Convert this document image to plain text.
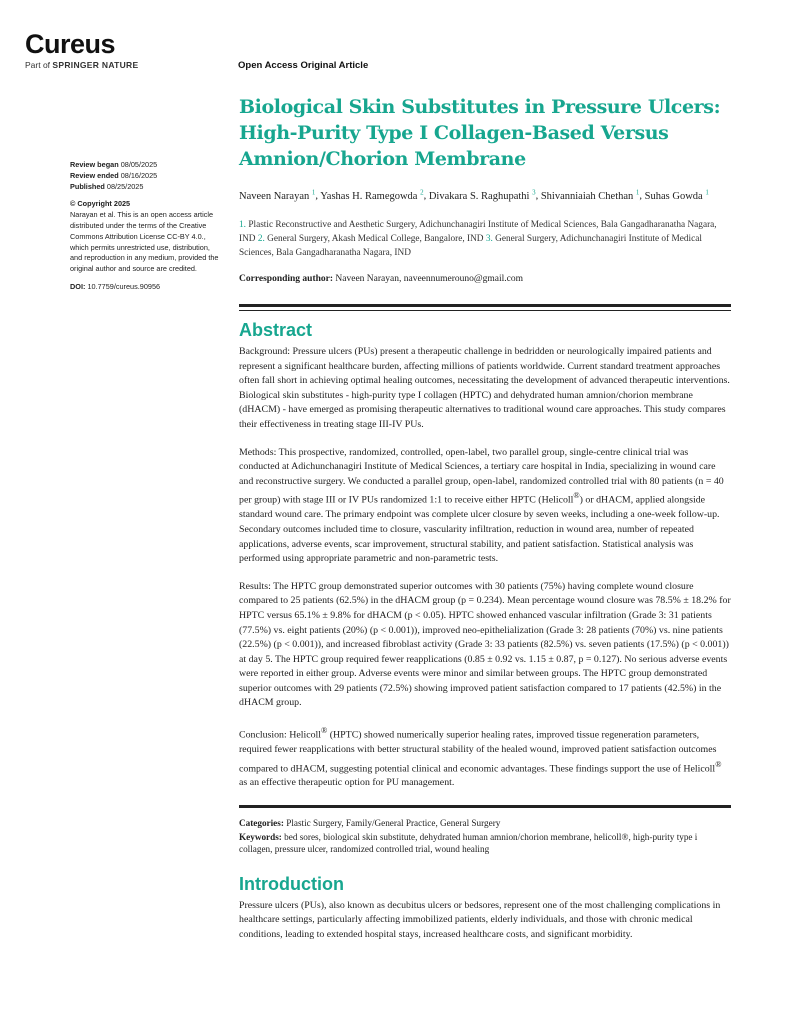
Cureus
Part of SPRINGER NATURE	Open Access Original Article
Review began 08/05/2025
Review ended 08/16/2025
Published 08/25/2025
© Copyright 2025
Narayan et al. This is an open access article distributed under the terms of the Creative Commons Attribution License CC-BY 4.0., which permits unrestricted use, distribution, and reproduction in any medium, provided the original author and source are credited.
DOI: 10.7759/cureus.90956
Biological Skin Substitutes in Pressure Ulcers: High-Purity Type I Collagen-Based Versus Amnion/Chorion Membrane
Naveen Narayan $^1$, Yashas H. Ramegowda $^2$, Divakara S. Raghupathi $^3$, Shivanniaiah Chethan $^1$, Suhas Gowda $^1$
1. Plastic Reconstructive and Aesthetic Surgery, Adichunchanagiri Institute of Medical Sciences, Bala Gangadharanatha Nagara, IND 2. General Surgery, Akash Medical College, Bangalore, IND 3. General Surgery, Adichunchanagiri Institute of Medical Sciences, Bala Gangadharanatha Nagara, IND
Corresponding author: Naveen Narayan, naveennumerouno@gmail.com
Abstract

Background: Pressure ulcers (PUs) present a therapeutic challenge in bedridden or neurologically impaired patients and represent a significant healthcare burden, affecting millions of patients worldwide. Current standard treatment approaches often fall short in achieving optimal healing outcomes, necessitating the development of advanced therapeutic interventions. Biological skin substitutes - high-purity type I collagen (HPTC) and dehydrated human amnion/chorion membrane (dHACM) - have emerged as promising therapeutic alternatives to traditional wound care approaches. This study compares their effectiveness in treating stage III-IV PUs.

Methods: This prospective, randomized, controlled, open-label, two parallel group, single-centre clinical trial was conducted at Adichunchanagiri Institute of Medical Sciences, a tertiary care hospital in India, specializing in wound care and reconstructive surgery. We conducted a parallel group, open-label, randomized controlled trial with 80 patients (n = 40 per group) with stage III or IV PUs randomized 1:1 to receive either HPTC (Helicoll®) or dHACM, applied alongside standard wound care. The primary endpoint was complete ulcer closure by seven weeks, including a one-week follow-up. Secondary outcomes included time to closure, vascularity infiltration, reduction in wound area, number of repeated applications, adverse events, scar improvement, structural stability, and patient satisfaction. Statistical analysis was performed using appropriate parametric and non-parametric tests.

Results: The HPTC group demonstrated superior outcomes with 30 patients (75%) having complete wound closure compared to 25 patients (62.5%) in the dHACM group (p = 0.234). Mean percentage wound closure was 78.5% ± 18.2% for HPTC versus 65.1% ± 9.8% for dHACM (p < 0.05). HPTC showed enhanced vascular infiltration (Grade 3: 31 patients (77.5%) vs. eight patients (20%) (p < 0.001)), improved neo-epithelialization (Grade 3: 28 patients (70%) vs. nine patients (22.5%) (p < 0.001)), and increased fibroblast activity (Grade 3: 33 patients (82.5%) vs. seven patients (17.5%) (p < 0.001)) at day 5. The HPTC group required fewer reapplications (0.85 ± 0.92 vs. 1.15 ± 0.87, p = 0.127). No serious adverse events were reported in either group. Adverse events were minor and similar between groups. The HPTC group demonstrated superior outcomes with 29 patients (72.5%) showing improved patient satisfaction compared to 17 patients (42.5%) in the dHACM group.

Conclusion: Helicoll® (HPTC) showed numerically superior healing rates, improved tissue regeneration parameters, required fewer reapplications with better structural stability of the healed wound, improved patient satisfaction outcomes compared to dHACM, suggesting potential clinical and economic advantages. These findings support the use of Helicoll® as an effective therapeutic option for PU management.

Categories: Plastic Surgery, Family/General Practice, General Surgery
Keywords: bed sores, biological skin substitute, dehydrated human amnion/chorion membrane, helicoll®, high-purity type i collagen, pressure ulcer, randomized controlled trial, wound healing
Introduction

Pressure ulcers (PUs), also known as decubitus ulcers or bedsores, represent one of the most challenging complications in healthcare settings, particularly affecting immobilized patients, elderly individuals, and those with chronic medical conditions, leading to extended hospital stays, increased healthcare costs, and significant morbidity.
